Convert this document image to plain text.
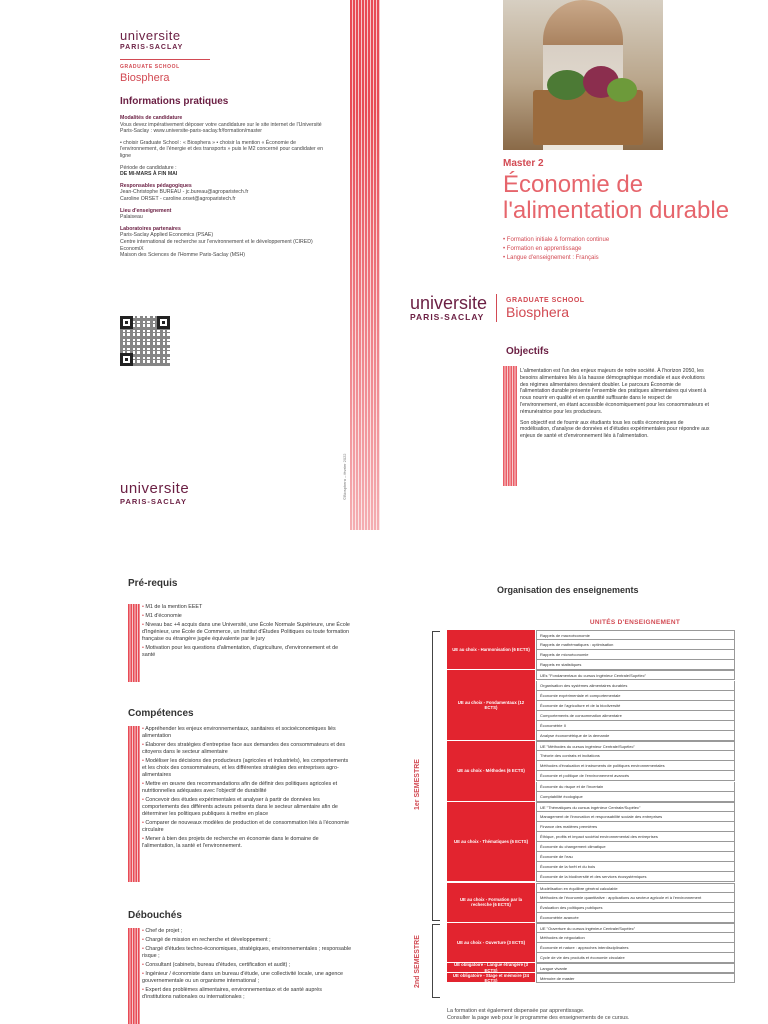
universite
PARIS-SACLAY
GRADUATE SCHOOL
Biosphera
Informations pratiques
Modalités de candidature
Vous devez impérativement déposer votre candidature sur le site internet de l'Université Paris-Saclay : www.universite-paris-saclay.fr/formation/master
• choisir Graduate School : « Biosphera » • choisir la mention « Économie de l'environnement, de l'énergie et des transports » puis le M2 concerné pour candidater en ligne
Période de candidature :
DE MI-MARS À FIN MAI
Responsables pédagogiques
Jean-Christophe BUREAU - jc.bureau@agroparistech.fr
Caroline ORSET - caroline.orset@agroparistech.fr
Lieu d'enseignement
Palaiseau
Laboratoires partenaires
Paris-Saclay Applied Economics (PSAE)
Centre international de recherche sur l'environnement et le développement (CIRED)
EconomiX
Maison des Sciences de l'Homme Paris-Saclay (MSH)
universite
PARIS-SACLAY
©Biosphera – février 2022
Master 2
Économie de l'alimentation durable
• Formation initiale & formation continue
• Formation en apprentissage
• Langue d'enseignement : Français
universite
PARIS-SACLAY
GRADUATE SCHOOL
Biosphera
Objectifs

L'alimentation est l'un des enjeux majeurs de notre société. À l'horizon 2050, les besoins alimentaires liés à la hausse démographique mondiale et aux évolutions des régimes alimentaires devraient doubler. Le parcours Économie de l'alimentation durable présente l'ensemble des pratiques alimentaires qui visent à nous nourrir en qualité et en quantité suffisante dans le respect de l'environnement, en étant accessible économiquement pour les consommateurs et rémunératrice pour les producteurs.

Son objectif est de fournir aux étudiants tous les outils économiques de modélisation, d'analyse de données et d'études expérimentales pour répondre aux enjeux de santé et d'environnement liés à l'alimentation.

Pré-requis
• M1 de la mention EEET
• M1 d'économie
• Niveau bac +4 acquis dans une Université, une École Normale Supérieure, une École d'Ingénieur, une École de Commerce, un Institut d'Études Politiques ou toute formation française ou étrangère jugée équivalente par le jury
• Motivation pour les questions d'alimentation, d'agriculture, d'environnement et de santé
Compétences
• Appréhender les enjeux environnementaux, sanitaires et socioéconomiques liés alimentation
• Élaborer des stratégies d'entreprise face aux demandes des consommateurs et des citoyens dans le secteur alimentaire
• Modéliser les décisions des producteurs (agricoles et industriels), les comportements et les choix des consommateurs, et les différentes stratégies des entreprises agro-alimentaires
• Mettre en œuvre des recommandations afin de définir des politiques agricoles et nutritionnelles adéquates avec l'objectif de durabilité
• Concevoir des études expérimentales et analyser à partir de données les comportements des différents acteurs présents dans le secteur alimentaire afin de déterminer les politiques publiques à mettre en place
• Comparer de nouveaux modèles de production et de consommation liés à l'économie circulaire
• Mener à bien des projets de recherche en économie dans le domaine de l'alimentation, la santé et l'environnement.
Débouchés
• Chef de projet ;
• Chargé de mission en recherche et développement ;
• Chargé d'études techno-économiques, stratégiques, environnementales ; responsable risque ;
• Consultant (cabinets, bureau d'études, certification et audit) ;
• Ingénieur / économiste dans un bureau d'étude, une collectivité locale, une agence gouvernementale ou un organisme international ;
• Expert des problèmes alimentaires, environnementaux et de santé auprès d'institutions nationales ou internationales ;
Organisation des enseignements
UNITÉS D'ENSEIGNEMENT
1er SEMESTRE
2nd SEMESTRE
UE au choix - Harmonisation (6 ECTS)
Rappels de macroéconomie
Rappels de mathématiques : optimisation
Rappels de microéconomie
Rappels en statistiques
UE au choix - Fondamentaux (12 ECTS)
UEs "Fondamentaux du cursus ingénieur Centrale/Supélec"
Organisation des systèmes alimentaires durables
Économie expérimentale et comportementale
Économie de l'agriculture et de la biodiversité
Comportements de consommation alimentaire
Économétrie II
Analyse économétrique de la demande
UE au choix - Méthodes (6 ECTS)
UE "Méthodes du cursus ingénieur Centrale/Supélec"
Théorie des contrats et incitations
Méthodes d'évaluation et instruments de politiques environnementales
Économie et politique de l'environnement avancés
Économie du risque et de l'incertain
Comptabilité écologique
UE au choix - Thématiques (6 ECTS)
UE "Thématiques du cursus ingénieur Centrale/Supélec"
Management de l'innovation et responsabilité sociale des entreprises
Finance des matières premières
Éthique, profits et impact sociétal environnemental des entreprises
Économie du changement climatique
Économie de l'eau
Économie de la forêt et du bois
Économie de la biodiversité et des services écosystémiques
UE au choix - Formation par la recherche (6 ECTS)
Modélisation en équilibre général calculable
Méthodes de l'économie quantitative : applications au secteur agricole et à l'environnement
Évaluation des politiques publiques
Économétrie avancée
UE au choix - Ouverture (3 ECTS)
UE "Ouverture du cursus ingénieur Centrale/Supélec"
Méthodes de négociation
Économie et nature : approches interdisciplinaires
Cycle de vie des produits et économie circulaire
UE obligatoire - Langue étrangère (3 ECTS)	Langue vivante
UE obligatoire - Stage et mémoire (24 ECTS)	Mémoire de master
La formation est également dispensée par apprentissage.
Consulter la page web pour le programme des enseignements de ce cursus.
